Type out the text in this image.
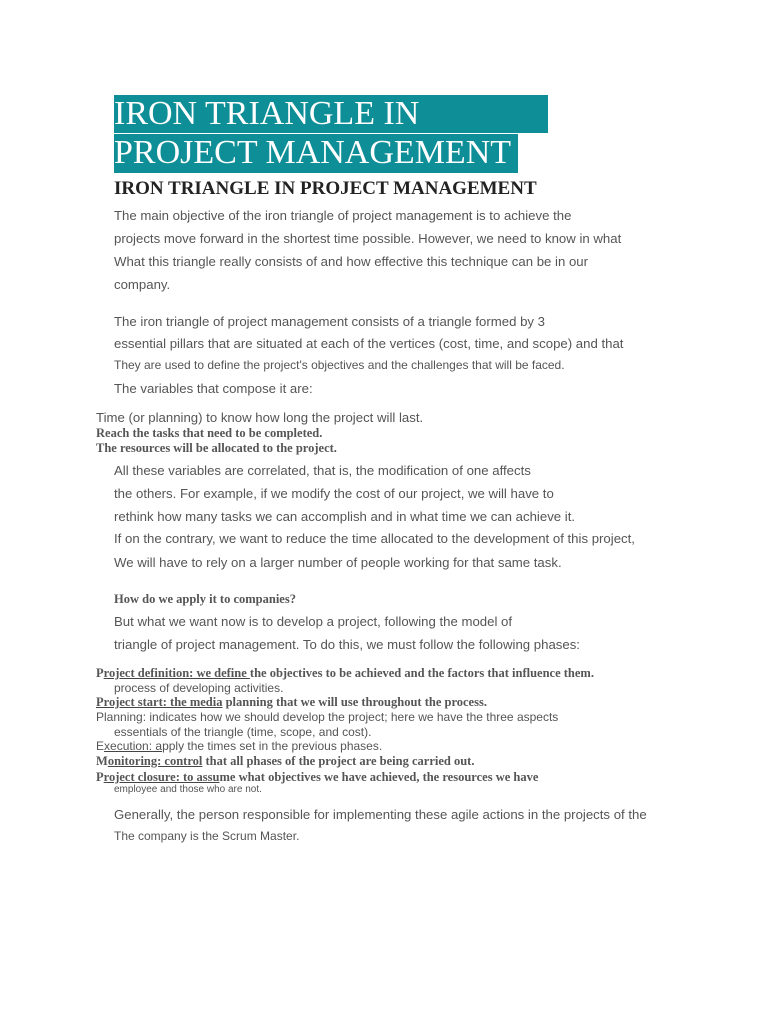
IRON TRIANGLE IN
PROJECT MANAGEMENT
IRON TRIANGLE IN PROJECT MANAGEMENT
The main objective of the iron triangle of project management is to achieve the
projects move forward in the shortest time possible. However, we need to know in what
What this triangle really consists of and how effective this technique can be in our
company.
The iron triangle of project management consists of a triangle formed by 3
essential pillars that are situated at each of the vertices (cost, time, and scope) and that
They are used to define the project's objectives and the challenges that will be faced.
The variables that compose it are:
Time (or planning) to know how long the project will last.
Reach the tasks that need to be completed.
The resources will be allocated to the project.
All these variables are correlated, that is, the modification of one affects
the others. For example, if we modify the cost of our project, we will have to
rethink how many tasks we can accomplish and in what time we can achieve it.
If on the contrary, we want to reduce the time allocated to the development of this project,
We will have to rely on a larger number of people working for that same task.
How do we apply it to companies?
But what we want now is to develop a project, following the model of
triangle of project management. To do this, we must follow the following phases:
Project definition: we define the objectives to be achieved and the factors that influence them.
process of developing activities.
Project start: the media planning that we will use throughout the process.
Planning: indicates how we should develop the project; here we have the three aspects
essentials of the triangle (time, scope, and cost).
Execution: apply the times set in the previous phases.
Monitoring: control that all phases of the project are being carried out.
Project closure: to assume what objectives we have achieved, the resources we have
employee and those who are not.
Generally, the person responsible for implementing these agile actions in the projects of the
The company is the Scrum Master.
